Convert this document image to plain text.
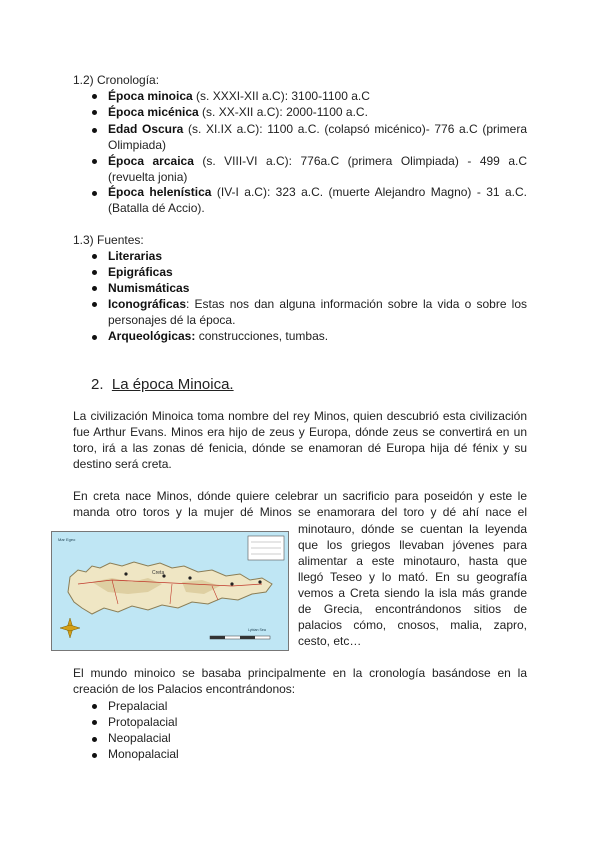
1.2) Cronología:
Época minoica (s. XXXI-XII a.C): 3100-1100 a.C
Época micénica (s. XX-XII a.C): 2000-1100 a.C.
Edad Oscura (s. XI.IX a.C): 1100 a.C. (colapsó micénico)- 776 a.C (primera
Olimpiada)
Época arcaica (s. VIII-VI a.C): 776a.C (primera Olimpiada) - 499 a.C
(revuelta jonia)
Época helenística (IV-I a.C): 323 a.C. (muerte Alejandro Magno) - 31 a.C.
(Batalla dé Accio).
1.3) Fuentes:
Literarias
Epigráficas
Numismáticas
Iconográficas: Estas nos dan alguna información sobre la vida o sobre los
personajes dé la época.
Arqueológicas: construcciones, tumbas.
2. La época Minoica.
La civilización Minoica toma nombre del rey Minos, quien descubrió esta civilización
fue Arthur Evans. Minos era hijo de zeus y Europa, dónde zeus se convertirá en un
toro, irá a las zonas dé fenicia, dónde se enamoran dé Europa hija dé fénix y su
destino será creta.
En creta nace Minos, dónde quiere celebrar un sacrificio para poseidón y este le
manda otro toros y la mujer dé Minos se enamorara del toro y dé ahí nace el
minotauro, dónde se cuentan la leyenda
que los griegos llevaban jóvenes para
alimentar a este minotauro, hasta que
llegó Teseo y lo mató. En su geografía
vemos a Creta siendo la isla más grande
de Grecia, encontrándonos sitios de
palacios cómo, cnosos, malia, zapro,
cesto, etc…
Creta
Mar Egeo
Lybian Sea
El mundo minoico se basaba principalmente en la cronología basándose en la
creación de los Palacios encontrándonos:
Prepalacial
Protopalacial
Neopalacial
Monopalacial
